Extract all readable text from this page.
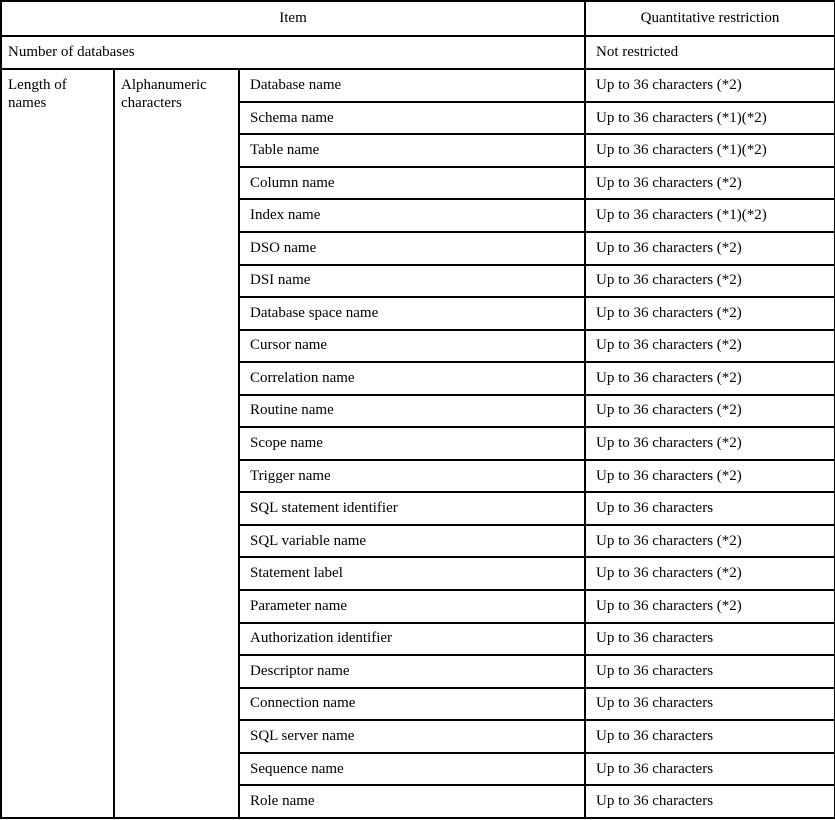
Item			Quantitative restriction
Number of databases			Not restricted
Length of names	Alphanumeric characters	Database name	Up to 36 characters (*2)
		Schema name	Up to 36 characters (*1)(*2)
		Table name	Up to 36 characters (*1)(*2)
		Column name	Up to 36 characters (*2)
		Index name	Up to 36 characters (*1)(*2)
		DSO name	Up to 36 characters (*2)
		DSI name	Up to 36 characters (*2)
		Database space name	Up to 36 characters (*2)
		Cursor name	Up to 36 characters (*2)
		Correlation name	Up to 36 characters (*2)
		Routine name	Up to 36 characters (*2)
		Scope name	Up to 36 characters (*2)
		Trigger name	Up to 36 characters (*2)
		SQL statement identifier	Up to 36 characters
		SQL variable name	Up to 36 characters (*2)
		Statement label	Up to 36 characters (*2)
		Parameter name	Up to 36 characters (*2)
		Authorization identifier	Up to 36 characters
		Descriptor name	Up to 36 characters
		Connection name	Up to 36 characters
		SQL server name	Up to 36 characters
		Sequence name	Up to 36 characters
		Role name	Up to 36 characters
